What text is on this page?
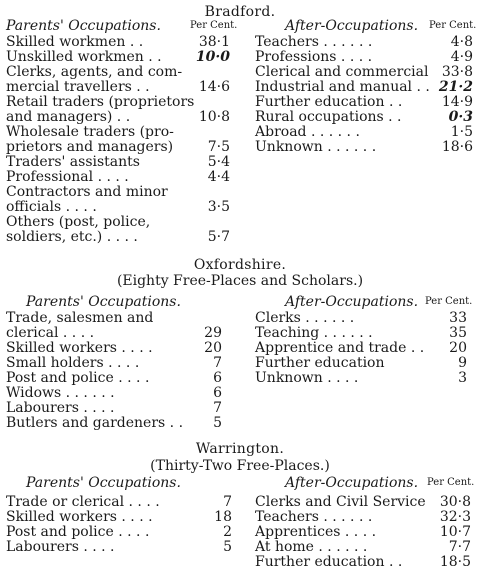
Bradford.
Parents' Occupations.	Per Cent.
Skilled workmen . .	38·1
Unskilled workmen . .	10·0
Clerks, agents, and com-
mercial travellers . .	14·6
Retail traders (proprietors
and managers) . .	10·8
Wholesale traders (pro-
prietors and managers)	7·5
Traders' assistants	5·4
Professional . . . .	4·4
Contractors and minor
officials . . . .	3·5
Others (post, police,
soldiers, etc.) . . . .	5·7
After-Occupations. Per Cent.
Teachers . . . . . .	4·8
Professions . . . .	4·9
Clerical and commercial 33·8
Industrial and manual . . 21·2
Further education . .	14·9
Rural occupations . .	0·3
Abroad . . . . . .	1·5
Unknown . . . . . .	18·6
Oxfordshire.
(Eighty Free-Places and Scholars.)
Parents' Occupations.
Trade, salesmen and
clerical . . . .	29
Skilled workers . . . .	20
Small holders . . . .	7
Post and police . . . .	6
Widows . . . . . .	6
Labourers . . . .	7
Butlers and gardeners . .	5
After-Occupations. Per Cent.
Clerks . . . . . .	33
Teaching . . . . . .	35
Apprentice and trade . .	20
Further education	9
Unknown . . . .	3
Warrington.
(Thirty-Two Free-Places.)
Parents' Occupations.
Trade or clerical . . . .	7
Skilled workers . . . .	18
Post and police . . . .	2
Labourers . . . .	5
After-Occupations. Per Cent.
Clerks and Civil Service	30·8
Teachers . . . . . .	32·3
Apprentices . . . .	10·7
At home . . . . . .	7·7
Further education . .	18·5
